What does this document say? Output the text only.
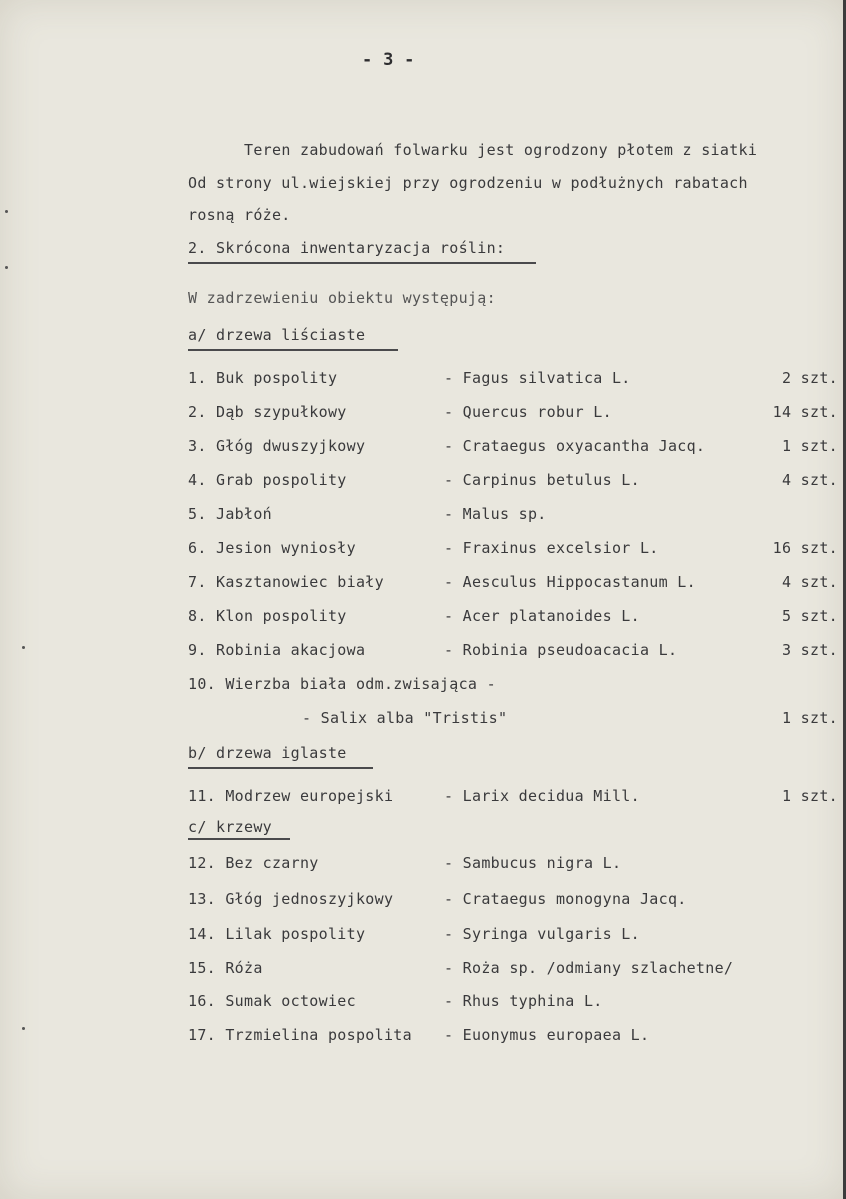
- 3 -
Teren zabudowań folwarku jest ogrodzony płotem z siatki
Od strony ul.wiejskiej przy ogrodzeniu w podłużnych rabatach
rosną róże.
2. Skrócona inwentaryzacja roślin:
W zadrzewieniu obiektu występują:
a/ drzewa liściaste
1. Buk pospolity	- Fagus silvatica L.	2 szt.
2. Dąb szypułkowy	- Quercus robur L.	14 szt.
3. Głóg dwuszyjkowy	- Crataegus oxyacantha Jacq.	1 szt.
4. Grab pospolity	- Carpinus betulus L.	4 szt.
5. Jabłoń	- Malus sp.
6. Jesion wyniosły	- Fraxinus excelsior L.	16 szt.
7. Kasztanowiec biały	- Aesculus Hippocastanum L.	4 szt.
8. Klon pospolity	- Acer platanoides L.	5 szt.
9. Robinia akacjowa	- Robinia pseudoacacia L.	3 szt.
10. Wierzba biała odm.zwisająca -
- Salix alba "Tristis"	1 szt.
b/ drzewa iglaste
11. Modrzew europejski	- Larix decidua Mill.	1 szt.
c/ krzewy
12. Bez czarny	- Sambucus nigra L.
13. Głóg jednoszyjkowy	- Crataegus monogyna Jacq.
14. Lilak pospolity	- Syringa vulgaris L.
15. Róża	- Roża sp. /odmiany szlachetne/
16. Sumak octowiec	- Rhus typhina L.
17. Trzmielina pospolita - Euonymus europaea L.
